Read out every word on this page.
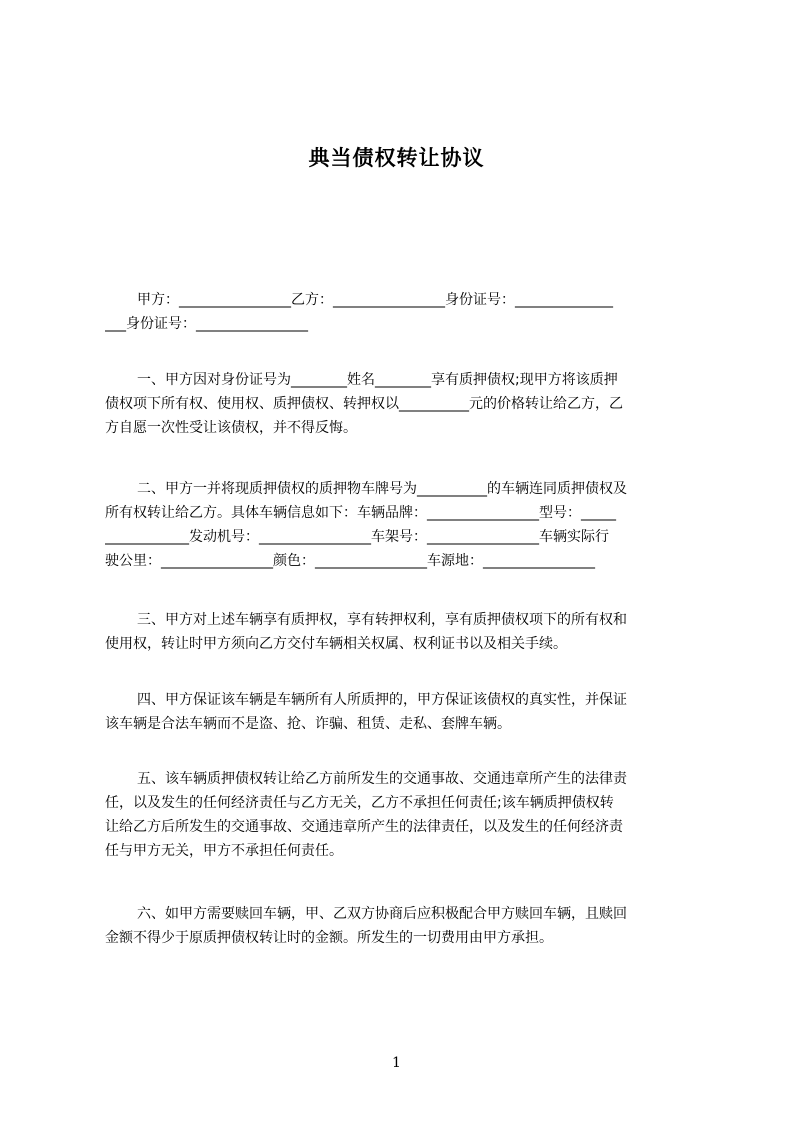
典当债权转让协议
甲方：________________乙方：________________身份证号：______________
___身份证号：________________
一、甲方因对身份证号为________姓名________享有质押债权;现甲方将该质押
债权项下所有权、使用权、质押债权、转押权以__________元的价格转让给乙方，乙
方自愿一次性受让该债权，并不得反悔。
二、甲方一并将现质押债权的质押物车牌号为__________的车辆连同质押债权及
所有权转让给乙方。具体车辆信息如下：车辆品牌：________________型号：_____
____________发动机号：________________车架号：________________车辆实际行
驶公里：________________颜色：________________车源地：________________
三、甲方对上述车辆享有质押权，享有转押权利，享有质押债权项下的所有权和
使用权，转让时甲方须向乙方交付车辆相关权属、权利证书以及相关手续。
四、甲方保证该车辆是车辆所有人所质押的，甲方保证该债权的真实性，并保证
该车辆是合法车辆而不是盗、抢、诈骗、租赁、走私、套牌车辆。
五、该车辆质押债权转让给乙方前所发生的交通事故、交通违章所产生的法律责
任，以及发生的任何经济责任与乙方无关，乙方不承担任何责任;该车辆质押债权转
让给乙方后所发生的交通事故、交通违章所产生的法律责任，以及发生的任何经济责
任与甲方无关，甲方不承担任何责任。
六、如甲方需要赎回车辆，甲、乙双方协商后应积极配合甲方赎回车辆，且赎回
金额不得少于原质押债权转让时的金额。所发生的一切费用由甲方承担。
1
